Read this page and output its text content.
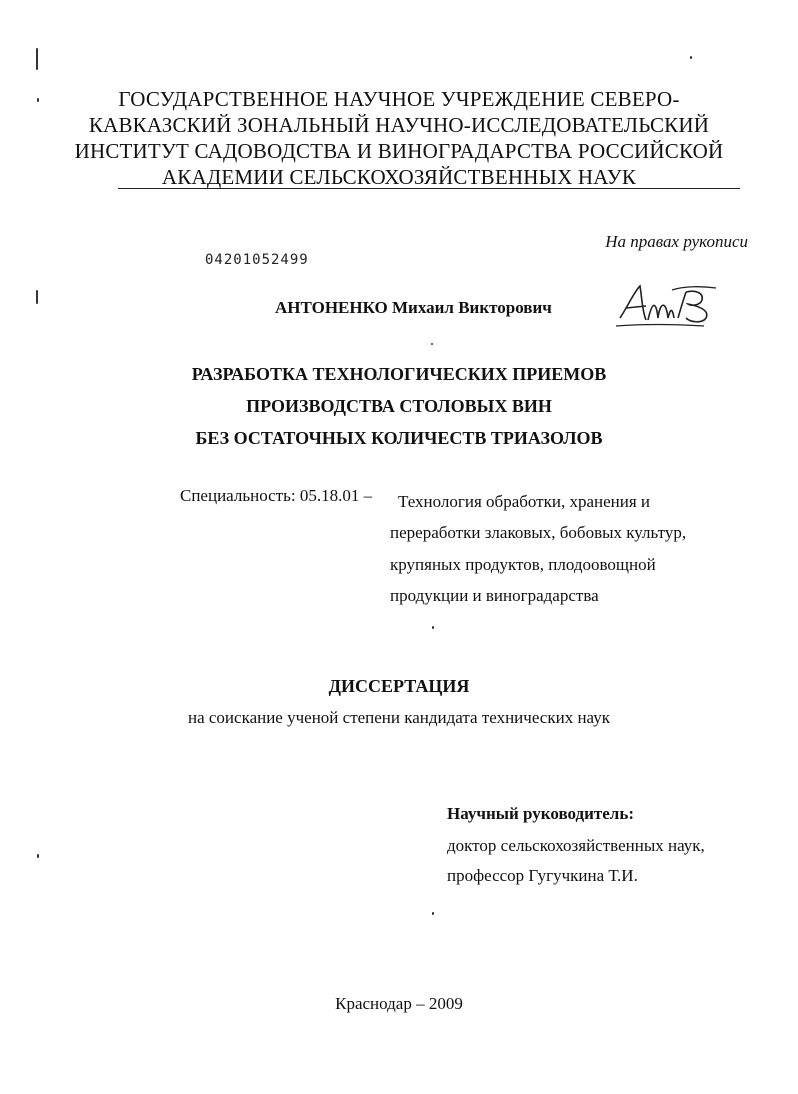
ГОСУДАРСТВЕННОЕ НАУЧНОЕ УЧРЕЖДЕНИЕ СЕВЕРО-
КАВКАЗСКИЙ ЗОНАЛЬНЫЙ НАУЧНО-ИССЛЕДОВАТЕЛЬСКИЙ
ИНСТИТУТ САДОВОДСТВА И ВИНОГРАДАРСТВА РОССИЙСКОЙ
АКАДЕМИИ СЕЛЬСКОХОЗЯЙСТВЕННЫХ НАУК
На правах рукописи
04201052499
АНТОНЕНКО Михаил Викторович
РАЗРАБОТКА ТЕХНОЛОГИЧЕСКИХ ПРИЕМОВ
ПРОИЗВОДСТВА СТОЛОВЫХ ВИН
БЕЗ ОСТАТОЧНЫХ КОЛИЧЕСТВ ТРИАЗОЛОВ
Специальность: 05.18.01 – Технология обработки, хранения и
переработки злаковых, бобовых культур,
крупяных продуктов, плодоовощной
продукции и виноградарства
ДИССЕРТАЦИЯ
на соискание ученой степени кандидата технических наук
Научный руководитель:
доктор сельскохозяйственных наук,
профессор Гугучкина Т.И.
Краснодар – 2009
